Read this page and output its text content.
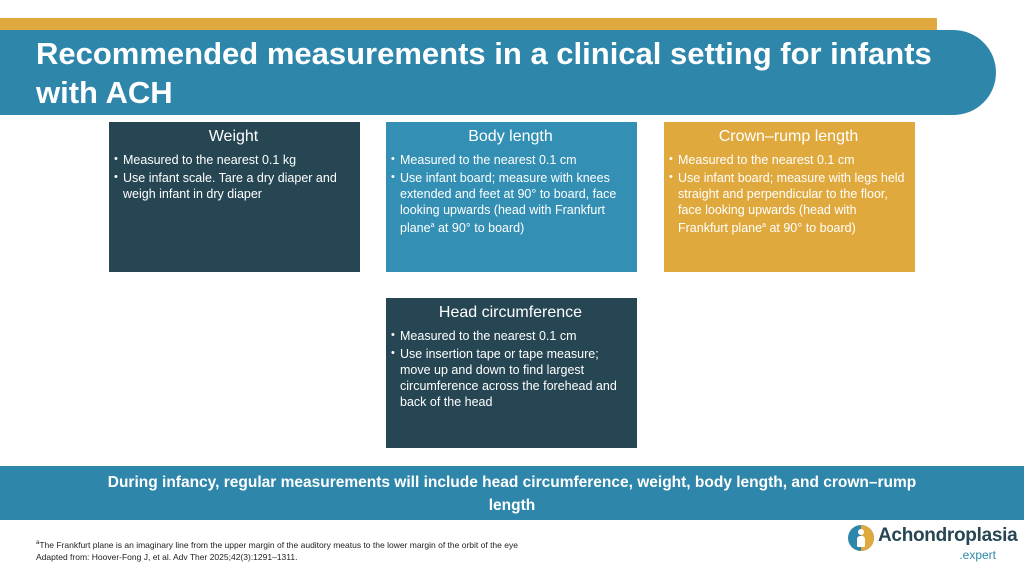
Recommended measurements in a clinical setting for infants with ACH
Weight
• Measured to the nearest 0.1 kg
• Use infant scale. Tare a dry diaper and weigh infant in dry diaper
Body length
• Measured to the nearest 0.1 cm
• Use infant board; measure with knees extended and feet at 90° to board, face looking upwards (head with Frankfurt plane$^a$ at 90° to board)
Crown–rump length
• Measured to the nearest 0.1 cm
• Use infant board; measure with legs held straight and perpendicular to the floor, face looking upwards (head with Frankfurt plane$^a$ at 90° to board)
Head circumference
• Measured to the nearest 0.1 cm
• Use insertion tape or tape measure; move up and down to find largest circumference across the forehead and back of the head

During infancy, regular measurements will include head circumference, weight, body length, and crown–rump length

$^a$The Frankfurt plane is an imaginary line from the upper margin of the auditory meatus to the lower margin of the orbit of the eye

Adapted from: Hoover-Fong J, et al. Adv Ther 2025;42(3):1291–1311.

Achondroplasia
.expert
